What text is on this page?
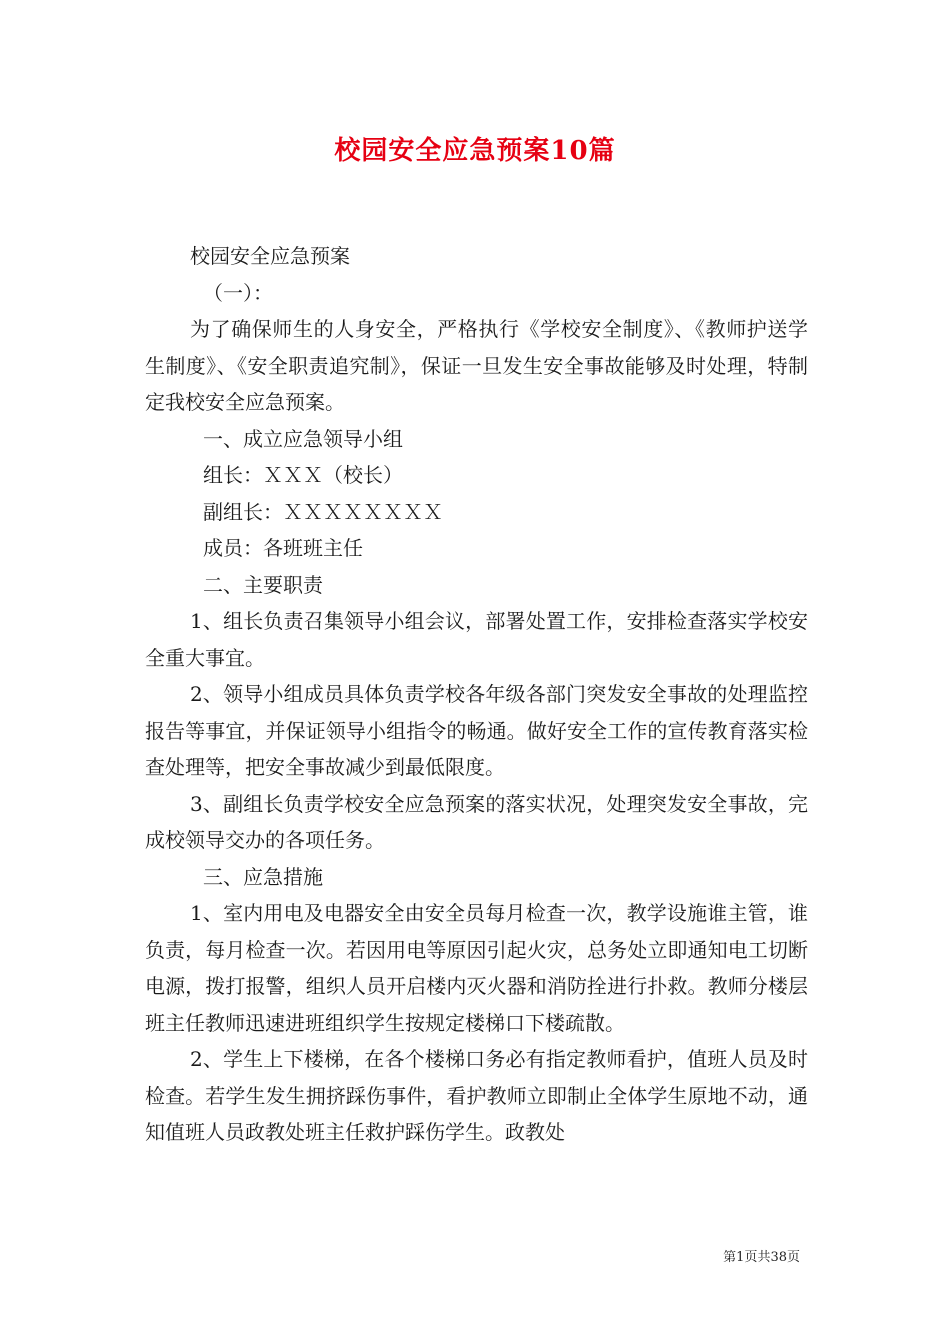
校园安全应急预案10篇

校园安全应急预案

（一）：

为了确保师生的人身安全，严格执行《学校安全制度》、《教师护送学生制度》、《安全职责追究制》，保证一旦发生安全事故能够及时处理，特制定我校安全应急预案。

一、成立应急领导小组

组长：ＸＸＸ（校长）

副组长：ＸＸＸＸＸＸＸＸ

成员：各班班主任

二、主要职责

1、组长负责召集领导小组会议，部署处置工作，安排检查落实学校安全重大事宜。

2、领导小组成员具体负责学校各年级各部门突发安全事故的处理监控报告等事宜，并保证领导小组指令的畅通。做好安全工作的宣传教育落实检查处理等，把安全事故减少到最低限度。

3、副组长负责学校安全应急预案的落实状况，处理突发安全事故，完成校领导交办的各项任务。

三、应急措施

1、室内用电及电器安全由安全员每月检查一次，教学设施谁主管，谁负责，每月检查一次。若因用电等原因引起火灾，总务处立即通知电工切断电源，拨打报警，组织人员开启楼内灭火器和消防拴进行扑救。教师分楼层班主任教师迅速进班组织学生按规定楼梯口下楼疏散。

2、学生上下楼梯，在各个楼梯口务必有指定教师看护，值班人员及时检查。若学生发生拥挤踩伤事件，看护教师立即制止全体学生原地不动，通知值班人员政教处班主任救护踩伤学生。政教处

第1页共38页
